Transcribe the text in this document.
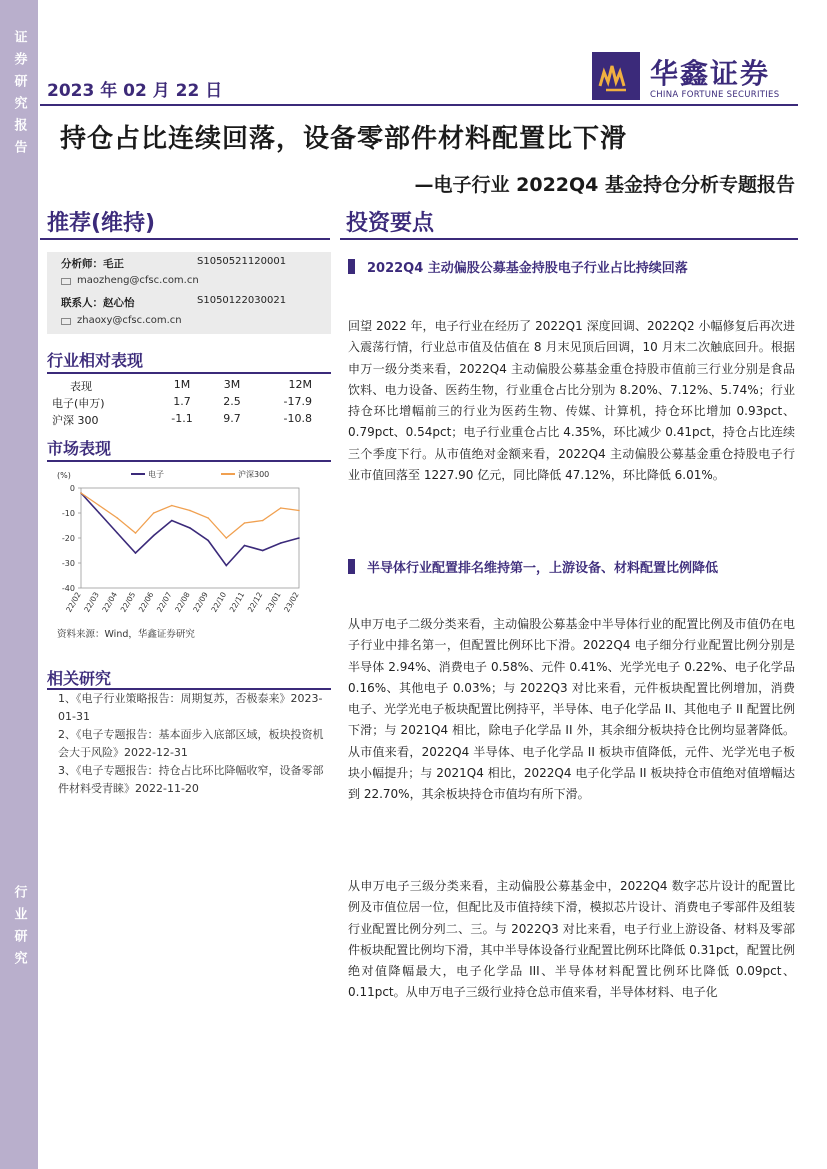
证券研究报告
行业研究
2023 年 02 月 22 日
华鑫证券
CHINA FORTUNE SECURITIES
持仓占比连续回落，设备零部件材料配置比下滑
—电子行业 2022Q4 基金持仓分析专题报告
推荐(维持)	投资要点
分析师：毛正	S1050521120001
maozheng@cfsc.com.cn
联系人：赵心怡	S1050122030021
zhaoxy@cfsc.com.cn
行业相对表现
表现	1M	3M	12M
电子(申万)	1.7	2.5	-17.9
沪深 300	-1.1	9.7	-10.8
市场表现
(%)
0
-10
-20
-30
-40
22/02 22/03 22/04 22/05 22/06 22/07 22/08 22/09 22/10 22/11 22/12 23/01 23/02
电子	沪深300
资料来源：Wind，华鑫证券研究
相关研究
1、《电子行业策略报告：周期复苏，否极泰来》2023-01-31
2、《电子专题报告：基本面步入底部区域，板块投资机会大于风险》2022-12-31
3、《电子专题报告：持仓占比环比降幅收窄，设备零部件材料受青睐》2022-11-20
2022Q4 主动偏股公募基金持股电子行业占比持续回落
回望 2022 年，电子行业在经历了 2022Q1 深度回调、2022Q2 小幅修复后再次进入震荡行情，行业总市值及估值在 8 月末见顶后回调，10 月末二次触底回升。根据申万一级分类来看，2022Q4 主动偏股公募基金重仓持股市值前三行业分别是食品饮料、电力设备、医药生物，行业重仓占比分别为 8.20%、7.12%、5.74%；行业持仓环比增幅前三的行业为医药生物、传媒、计算机，持仓环比增加 0.93pct、0.79pct、0.54pct；电子行业重仓占比 4.35%，环比减少 0.41pct，持仓占比连续三个季度下行。从市值绝对金额来看，2022Q4 主动偏股公募基金重仓持股电子行业市值回落至 1227.90 亿元，同比降低 47.12%，环比降低 6.01%。
半导体行业配置排名维持第一，上游设备、材料配置比例降低
从申万电子二级分类来看，主动偏股公募基金中半导体行业的配置比例及市值仍在电子行业中排名第一，但配置比例环比下滑。2022Q4 电子细分行业配置比例分别是半导体 2.94%、消费电子 0.58%、元件 0.41%、光学光电子 0.22%、电子化学品 0.16%、其他电子 0.03%；与 2022Q3 对比来看，元件板块配置比例增加，消费电子、光学光电子板块配置比例持平，半导体、电子化学品 II、其他电子 II 配置比例下滑；与 2021Q4 相比，除电子化学品 II 外，其余细分板块持仓比例均显著降低。从市值来看，2022Q4 半导体、电子化学品 II 板块市值降低，元件、光学光电子板块小幅提升；与 2021Q4 相比，2022Q4 电子化学品 II 板块持仓市值绝对值增幅达到 22.70%，其余板块持仓市值均有所下滑。
从申万电子三级分类来看，主动偏股公募基金中，2022Q4 数字芯片设计的配置比例及市值位居一位，但配比及市值持续下滑，模拟芯片设计、消费电子零部件及组装行业配置比例分列二、三。与 2022Q3 对比来看，电子行业上游设备、材料及零部件板块配置比例均下滑，其中半导体设备行业配置比例环比降低 0.31pct，配置比例绝对值降幅最大，电子化学品 III、半导体材料配置比例环比降低 0.09pct、0.11pct。从申万电子三级行业持仓总市值来看，半导体材料、电子化
